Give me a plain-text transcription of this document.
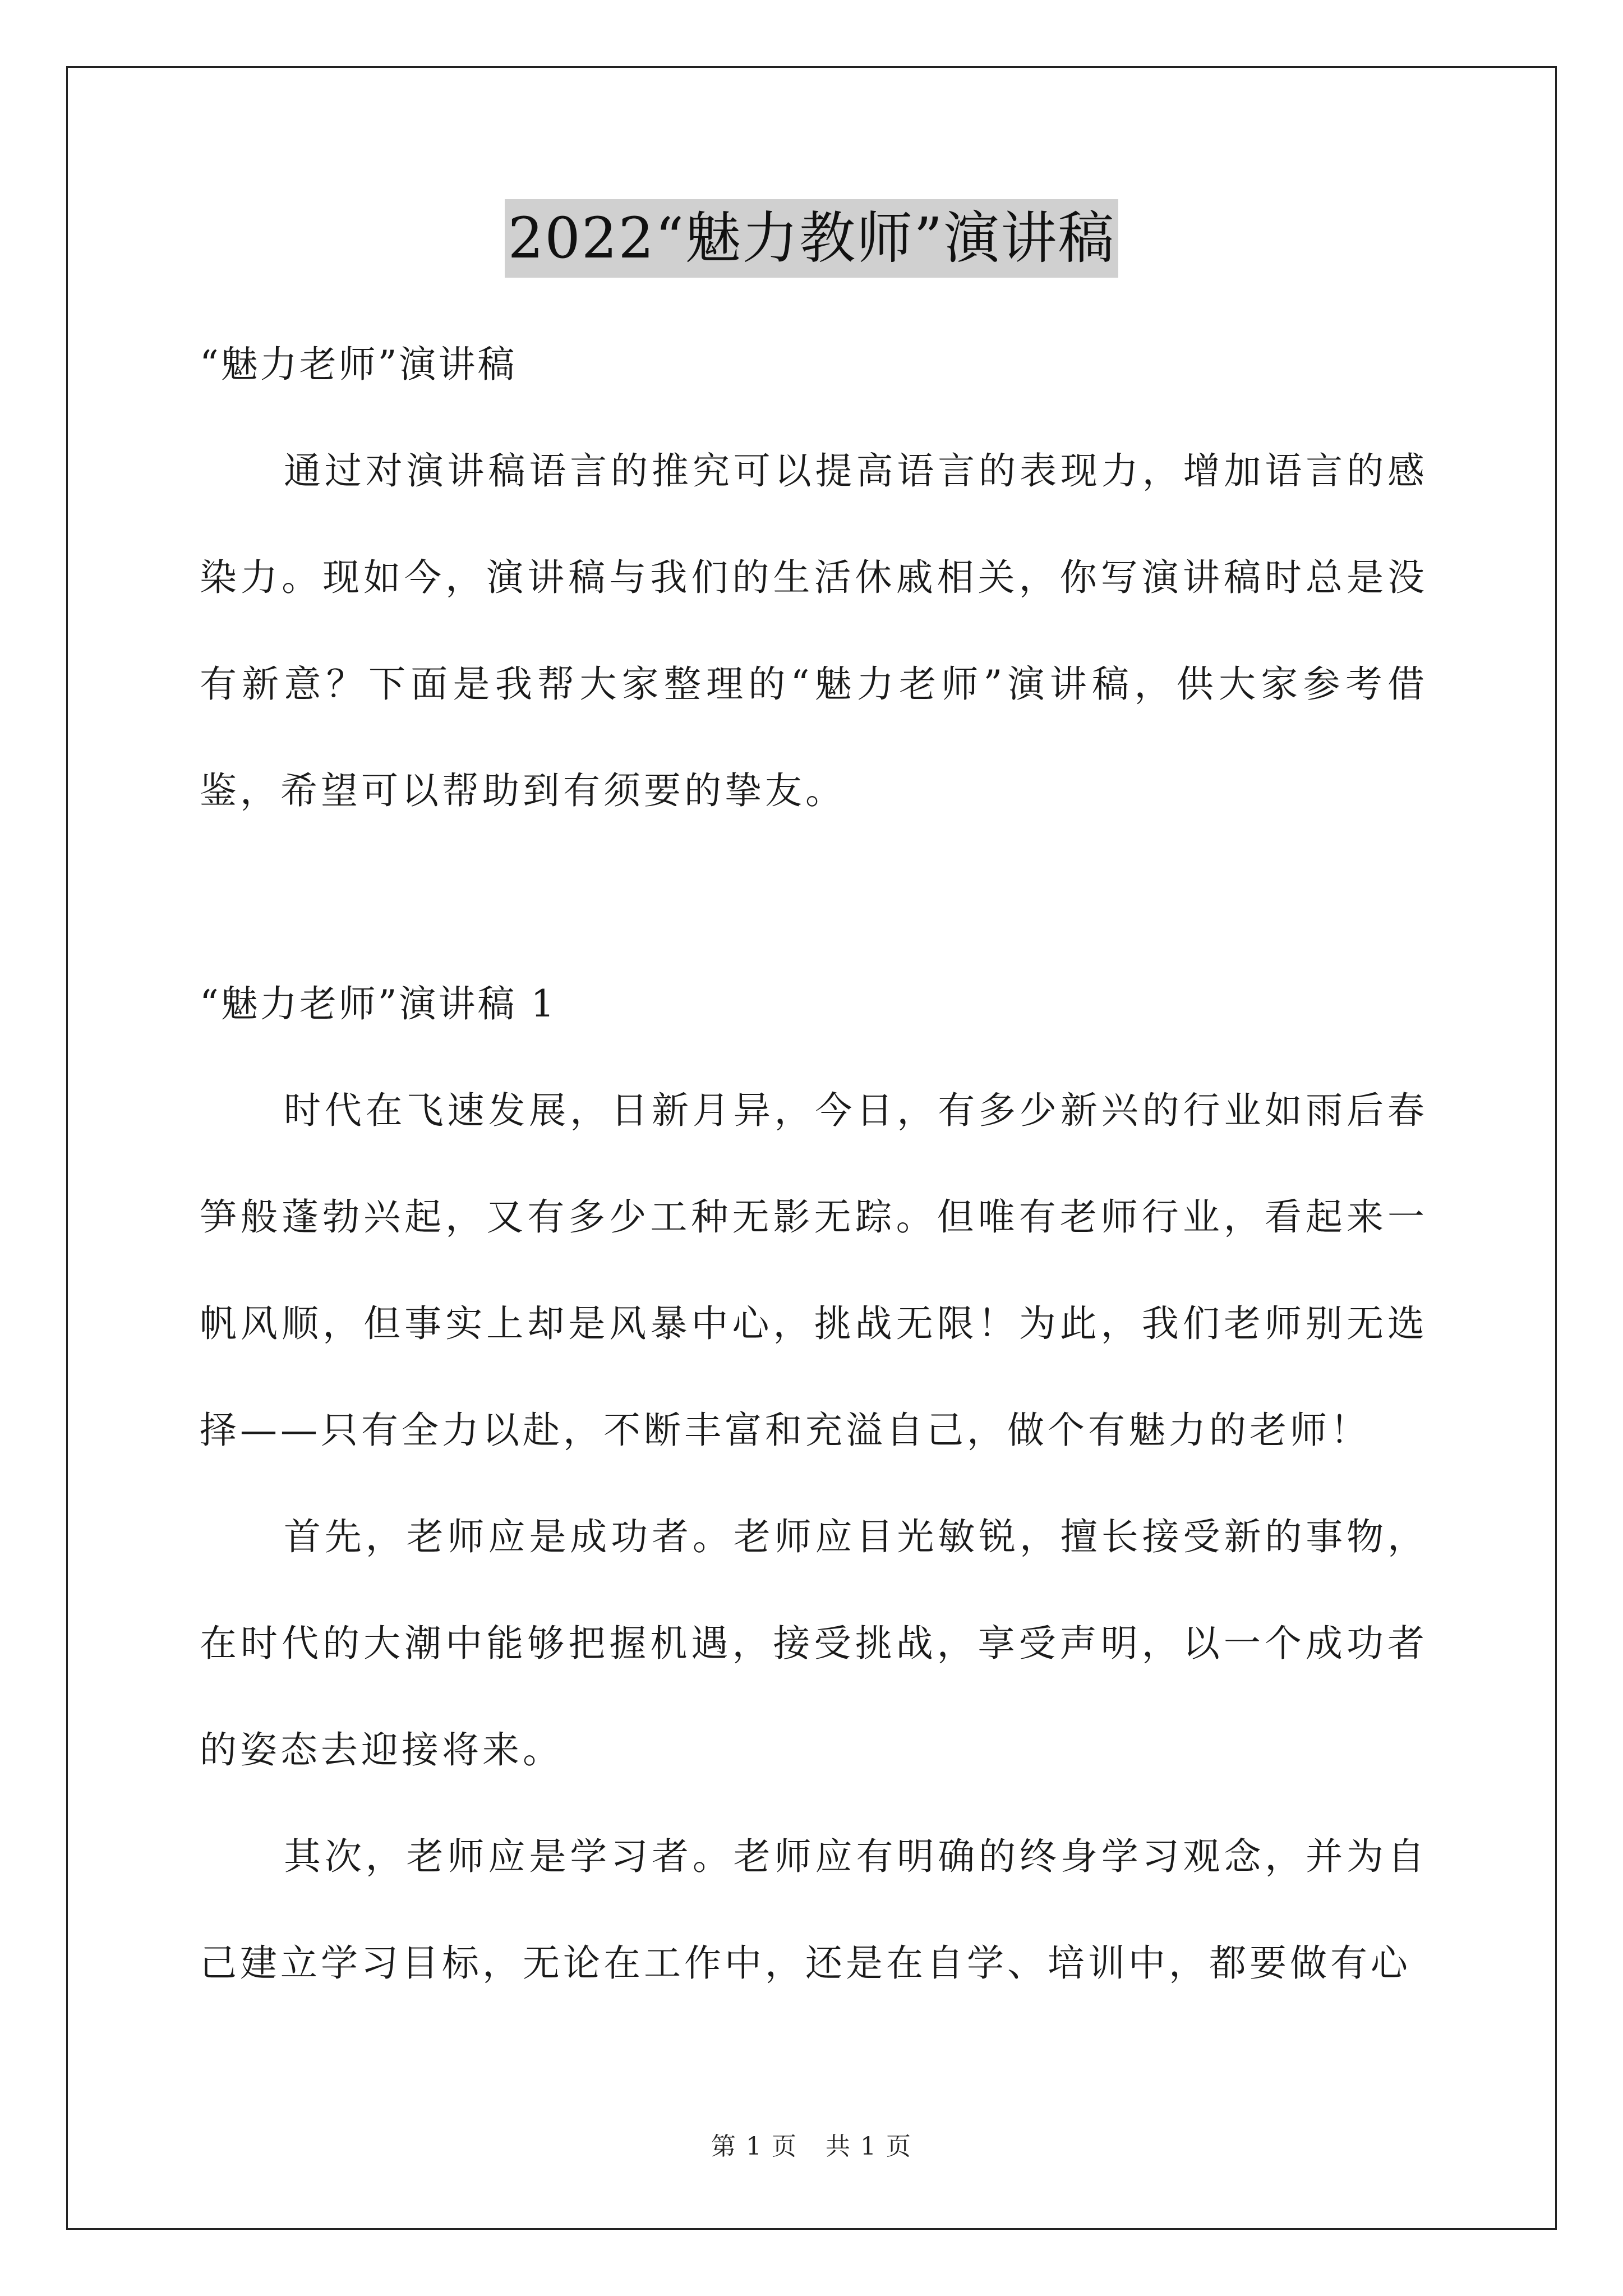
2022“魅力教师”演讲稿

“魅力老师”演讲稿

通过对演讲稿语言的推究可以提高语言的表现力，增加语言的感染力。现如今，演讲稿与我们的生活休戚相关，你写演讲稿时总是没有新意？下面是我帮大家整理的“魅力老师”演讲稿，供大家参考借鉴，希望可以帮助到有须要的挚友。

“魅力老师”演讲稿 1

时代在飞速发展，日新月异，今日，有多少新兴的行业如雨后春笋般蓬勃兴起，又有多少工种无影无踪。但唯有老师行业，看起来一帆风顺，但事实上却是风暴中心，挑战无限！为此，我们老师别无选择——只有全力以赴，不断丰富和充溢自己，做个有魅力的老师！

首先，老师应是成功者。老师应目光敏锐，擅长接受新的事物，在时代的大潮中能够把握机遇，接受挑战，享受声明，以一个成功者的姿态去迎接将来。

其次，老师应是学习者。老师应有明确的终身学习观念，并为自己建立学习目标，无论在工作中，还是在自学、培训中，都要做有心

第 1 页 共 1 页
